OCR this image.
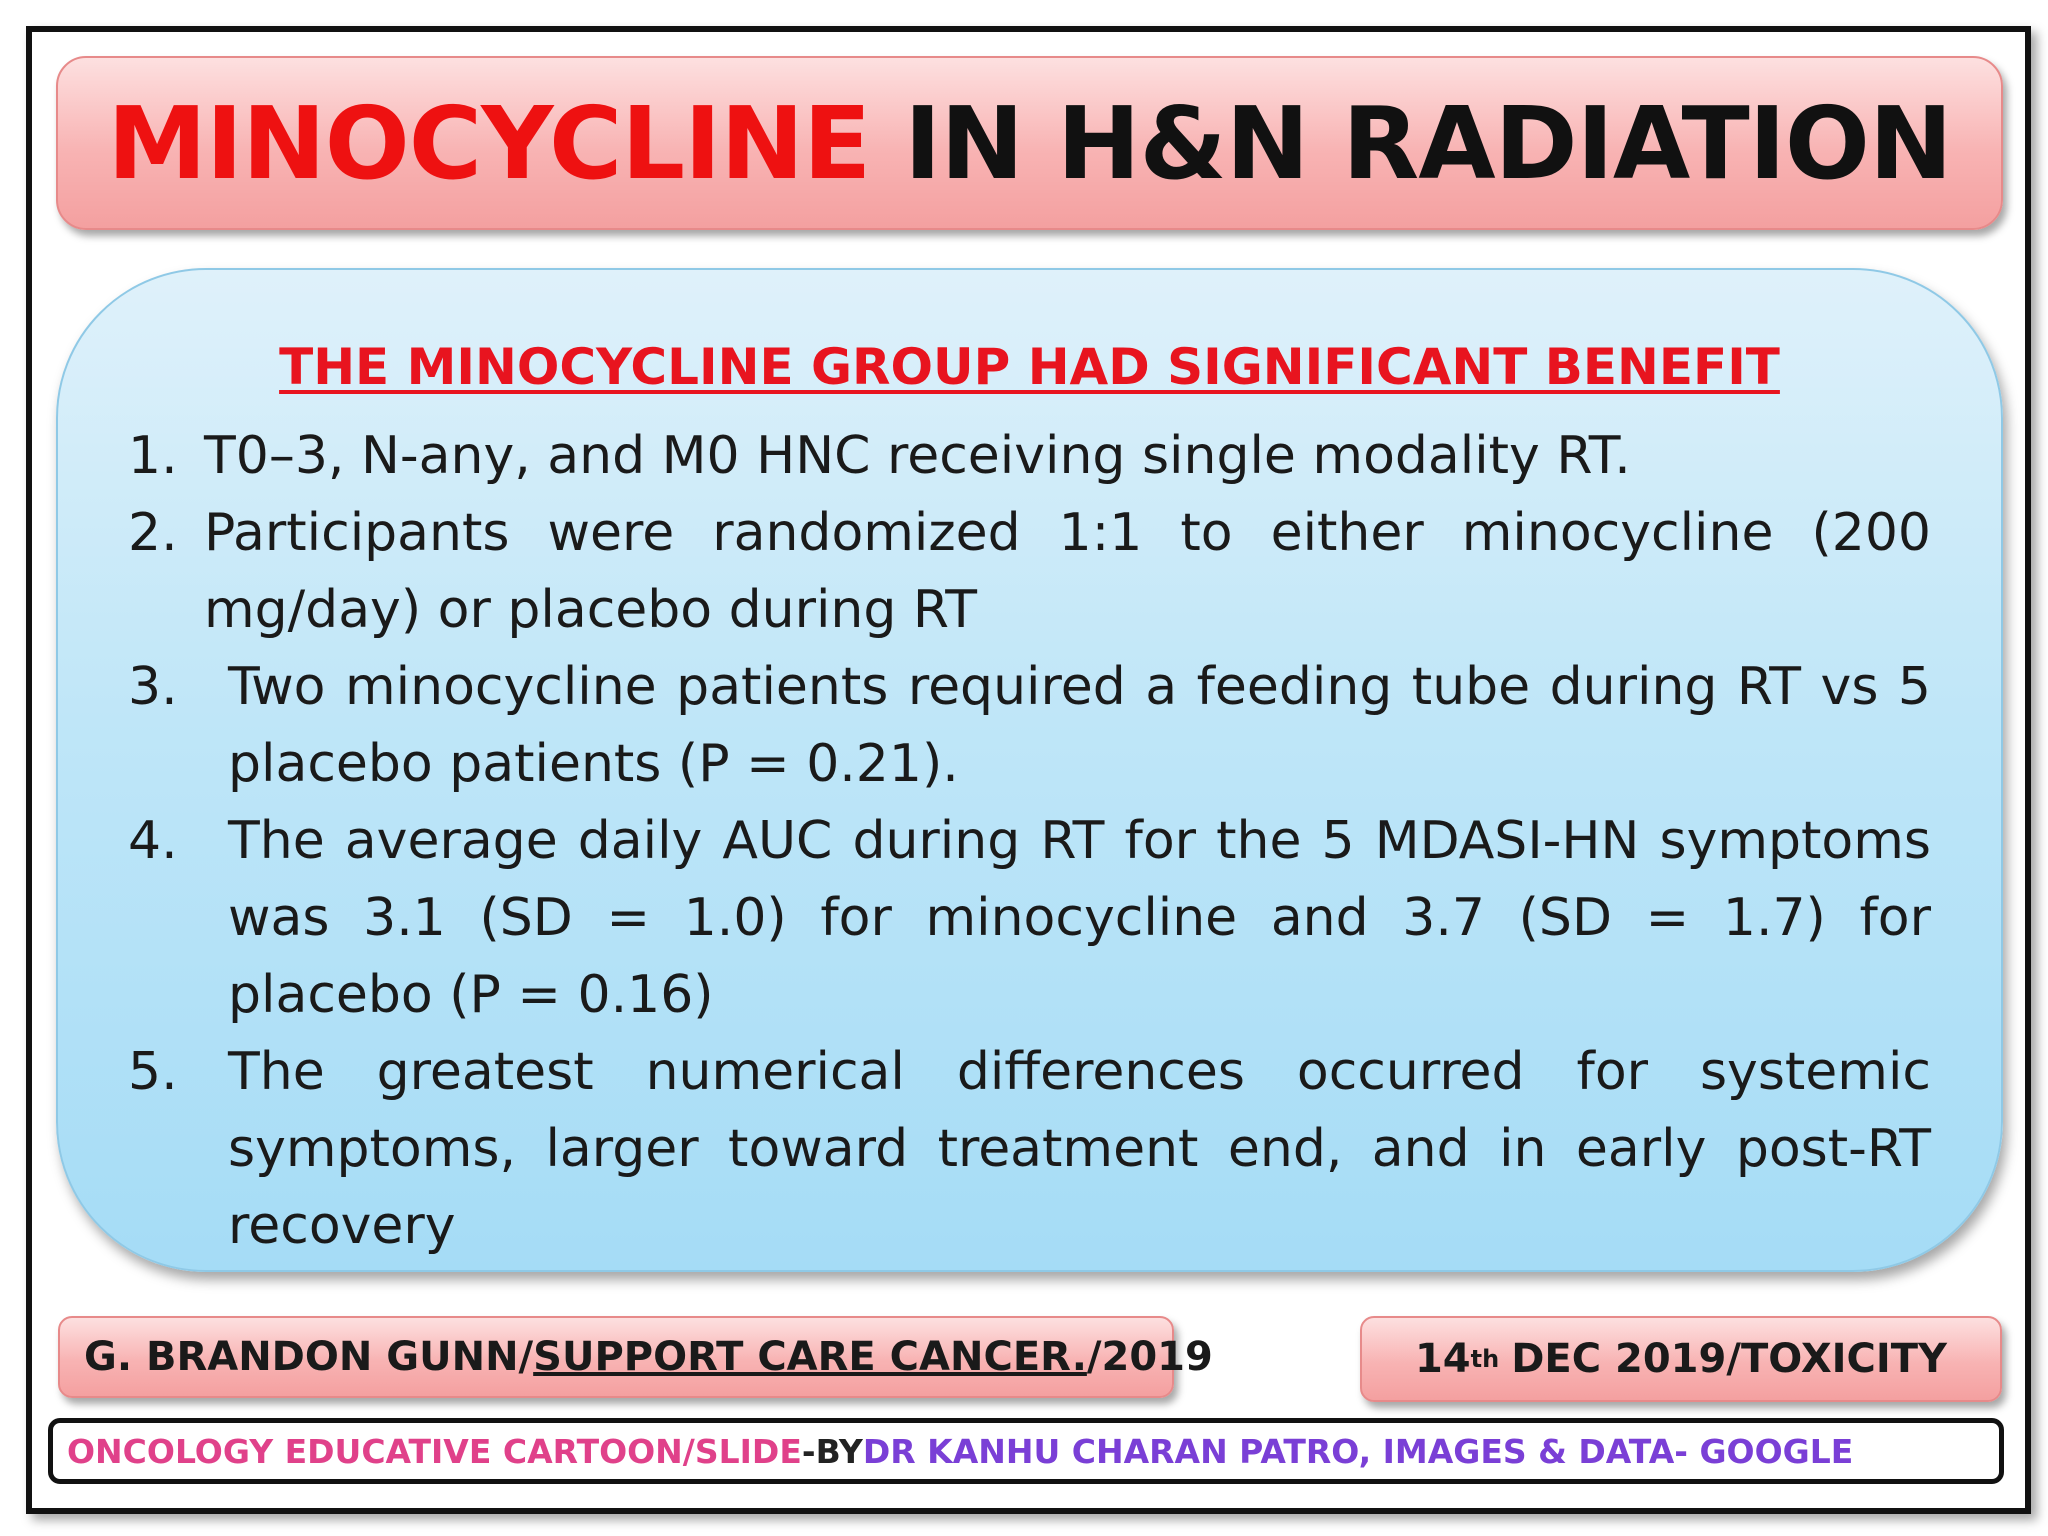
MINOCYCLINE IN H&N RADIATION
THE MINOCYCLINE GROUP HAD SIGNIFICANT BENEFIT
1. T0–3, N-any, and M0 HNC receiving single modality RT.
2. Participants were randomized 1:1 to either minocycline (200 mg/day) or placebo during RT
3. Two minocycline patients required a feeding tube during RT vs 5 placebo patients (P = 0.21).
4. The average daily AUC during RT for the 5 MDASI-HN symptoms was 3.1 (SD = 1.0) for minocycline and 3.7 (SD = 1.7) for placebo (P = 0.16)
5. The greatest numerical differences occurred for systemic symptoms, larger toward treatment end, and in early post-RT recovery
G. BRANDON GUNN/ SUPPORT CARE CANCER. /2019	14 th DEC 2019/TOXICITY
ONCOLOGY EDUCATIVE CARTOON/SLIDE -BY DR KANHU CHARAN PATRO, IMAGES & DATA- GOOGLE
